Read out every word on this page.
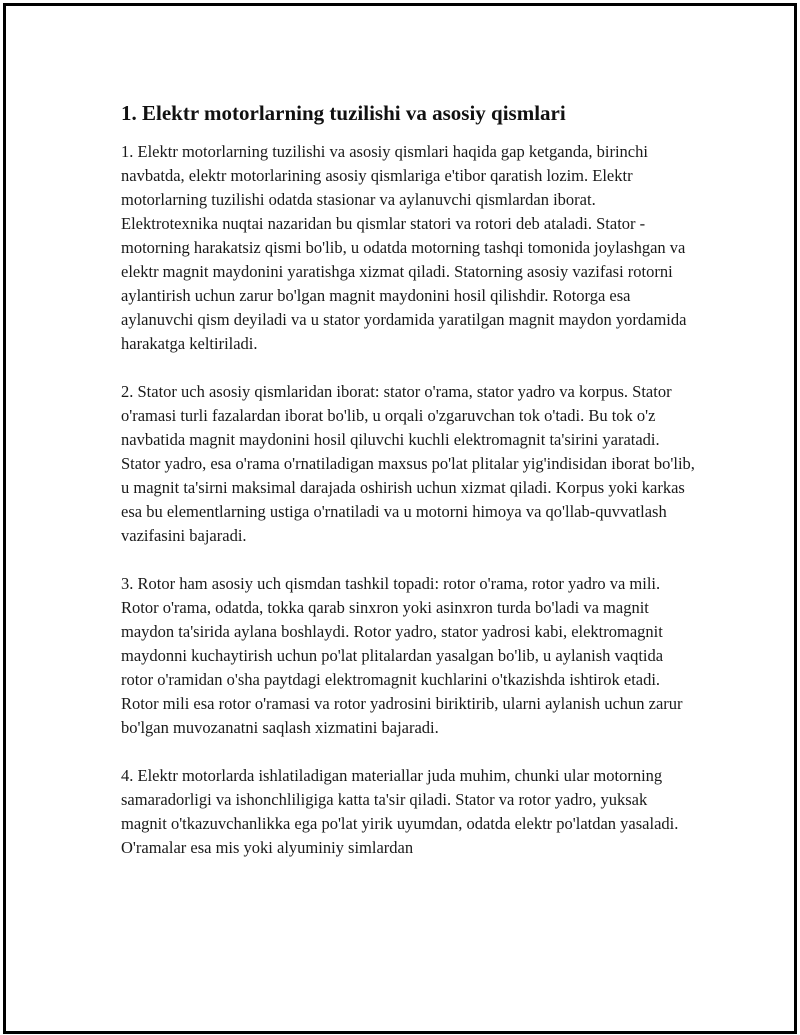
1. Elektr motorlarning tuzilishi va asosiy qismlari

1. Elektr motorlarning tuzilishi va asosiy qismlari haqida gap ketganda, birinchi navbatda, elektr motorlarining asosiy qismlariga e'tibor qaratish lozim. Elektr motorlarning tuzilishi odatda stasionar va aylanuvchi qismlardan iborat. Elektrotexnika nuqtai nazaridan bu qismlar statori va rotori deb ataladi. Stator - motorning harakatsiz qismi bo'lib, u odatda motorning tashqi tomonida joylashgan va elektr magnit maydonini yaratishga xizmat qiladi. Statorning asosiy vazifasi rotorni aylantirish uchun zarur bo'lgan magnit maydonini hosil qilishdir. Rotorga esa aylanuvchi qism deyiladi va u stator yordamida yaratilgan magnit maydon yordamida harakatga keltiriladi.

2. Stator uch asosiy qismlaridan iborat: stator o'rama, stator yadro va korpus. Stator o'ramasi turli fazalardan iborat bo'lib, u orqali o'zgaruvchan tok o'tadi. Bu tok o'z navbatida magnit maydonini hosil qiluvchi kuchli elektromagnit ta'sirini yaratadi. Stator yadro, esa o'rama o'rnatiladigan maxsus po'lat plitalar yig'indisidan iborat bo'lib, u magnit ta'sirni maksimal darajada oshirish uchun xizmat qiladi. Korpus yoki karkas esa bu elementlarning ustiga o'rnatiladi va u motorni himoya va qo'llab-quvvatlash vazifasini bajaradi.

3. Rotor ham asosiy uch qismdan tashkil topadi: rotor o'rama, rotor yadro va mili. Rotor o'rama, odatda, tokka qarab sinxron yoki asinxron turda bo'ladi va magnit maydon ta'sirida aylana boshlaydi. Rotor yadro, stator yadrosi kabi, elektromagnit maydonni kuchaytirish uchun po'lat plitalardan yasalgan bo'lib, u aylanish vaqtida rotor o'ramidan o'sha paytdagi elektromagnit kuchlarini o'tkazishda ishtirok etadi. Rotor mili esa rotor o'ramasi va rotor yadrosini biriktirib, ularni aylanish uchun zarur bo'lgan muvozanatni saqlash xizmatini bajaradi.

4. Elektr motorlarda ishlatiladigan materiallar juda muhim, chunki ular motorning samaradorligi va ishonchliligiga katta ta'sir qiladi. Stator va rotor yadro, yuksak magnit o'tkazuvchanlikka ega po'lat yirik uyumdan, odatda elektr po'latdan yasaladi. O'ramalar esa mis yoki alyuminiy simlardan
